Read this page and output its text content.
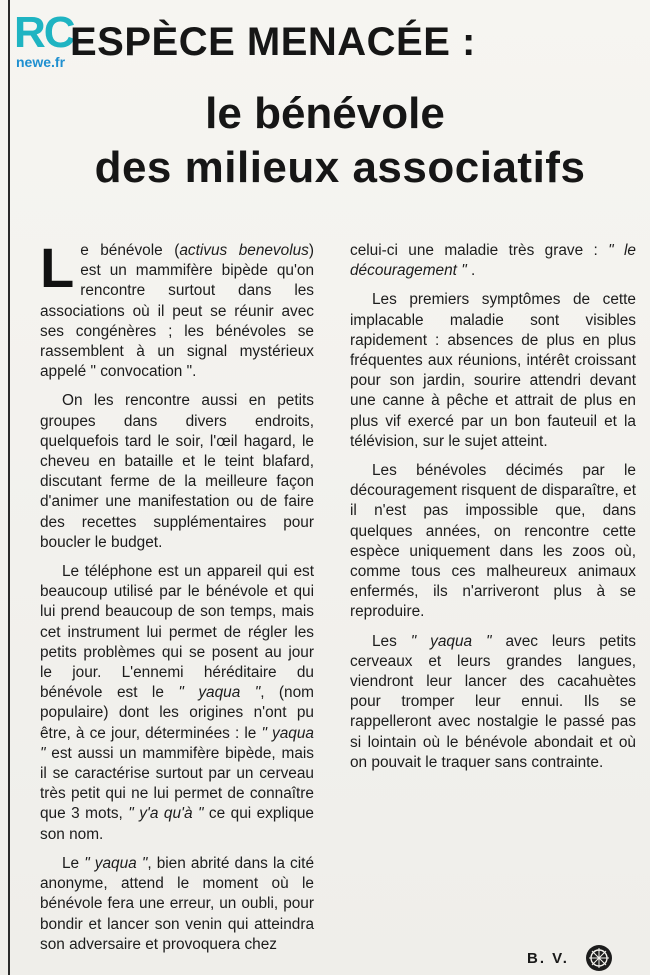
RC
newe.fr ESPÈCE MENACÉE :
le bénévole
des milieux associatifs

Le bénévole (activus benevolus) est un mammifère bipède qu'on rencontre surtout dans les associations où il peut se réunir avec ses congénères ; les bénévoles se rassemblent à un signal mystérieux appelé " convocation ".

On les rencontre aussi en petits groupes dans divers endroits, quelquefois tard le soir, l'œil hagard, le cheveu en bataille et le teint blafard, discutant ferme de la meilleure façon d'animer une manifestation ou de faire des recettes supplémentaires pour boucler le budget.

Le téléphone est un appareil qui est beaucoup utilisé par le bénévole et qui lui prend beaucoup de son temps, mais cet instrument lui permet de régler les petits problèmes qui se posent au jour le jour. L'ennemi héréditaire du bénévole est le " yaqua ", (nom populaire) dont les origines n'ont pu être, à ce jour, déterminées : le " yaqua " est aussi un mammifère bipède, mais il se caractérise surtout par un cerveau très petit qui ne lui permet de connaître que 3 mots, " y'a qu'à " ce qui explique son nom.

Le " yaqua ", bien abrité dans la cité anonyme, attend le moment où le bénévole fera une erreur, un oubli, pour bondir et lancer son venin qui atteindra son adversaire et provoquera chez

celui-ci une maladie très grave : " le découragement " .

Les premiers symptômes de cette implacable maladie sont visibles rapidement : absences de plus en plus fréquentes aux réunions, intérêt croissant pour son jardin, sourire attendri devant une canne à pêche et attrait de plus en plus vif exercé par un bon fauteuil et la télévision, sur le sujet atteint.

Les bénévoles décimés par le découragement risquent de disparaître, et il n'est pas impossible que, dans quelques années, on rencontre cette espèce uniquement dans les zoos où, comme tous ces malheureux animaux enfermés, ils n'arriveront plus à se reproduire.

Les " yaqua " avec leurs petits cerveaux et leurs grandes langues, viendront leur lancer des cacahuètes pour tromper leur ennui. Ils se rappelleront avec nostalgie le passé pas si lointain où le bénévole abondait et où on pouvait le traquer sans contrainte.

B. V.
